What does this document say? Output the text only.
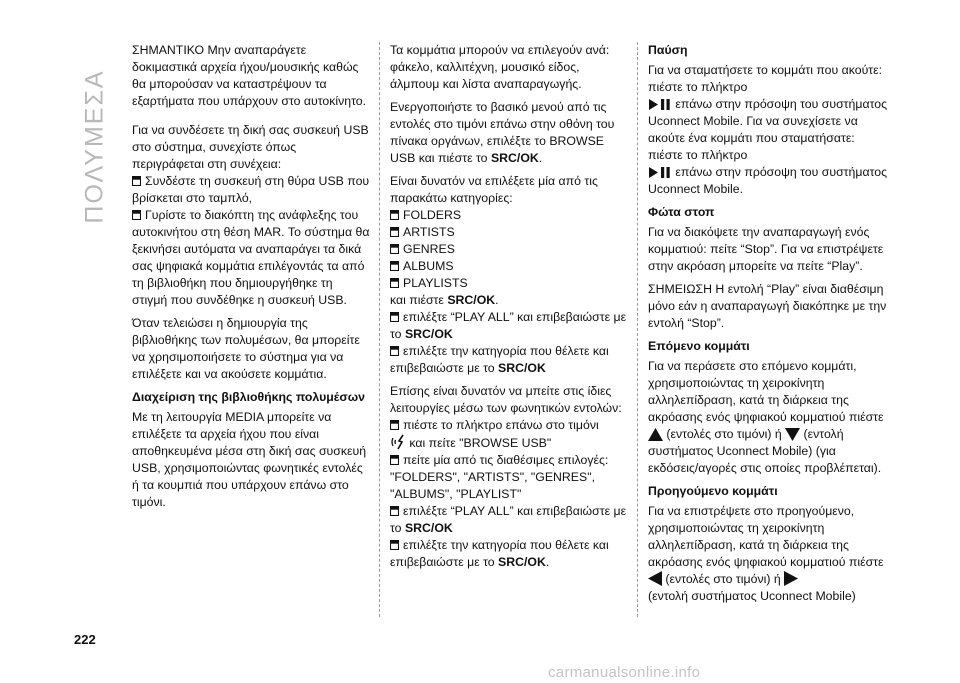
ΠΟΛΥΜΕΣΑ

ΣΗΜΑΝΤΙΚΟ Μην αναπαράγετε δοκιμαστικά αρχεία ήχου/μουσικής καθώς θα μπορούσαν να καταστρέψουν τα εξαρτήματα που υπάρχουν στο αυτοκίνητο.

Για να συνδέσετε τη δική σας συσκευή USB στο σύστημα, συνεχίστε όπως περιγράφεται στη συνέχεια:

Συνδέστε τη συσκευή στη θύρα USB που βρίσκεται στο ταμπλό,
Γυρίστε το διακόπτη της ανάφλεξης του αυτοκινήτου στη θέση MAR. Το σύστημα θα ξεκινήσει αυτόματα να αναπαράγει τα δικά σας ψηφιακά κομμάτια επιλέγοντάς τα από τη βιβλιοθήκη που δημιουργήθηκε τη στιγμή που συνδέθηκε η συσκευή USB.

Όταν τελειώσει η δημιουργία της βιβλιοθήκης των πολυμέσων, θα μπορείτε να χρησιμοποιήσετε το σύστημα για να επιλέξετε και να ακούσετε κομμάτια.

Διαχείριση της βιβλιοθήκης πολυμέσων

Με τη λειτουργία MEDIA μπορείτε να επιλέξετε τα αρχεία ήχου που είναι αποθηκευμένα μέσα στη δική σας συσκευή USB, χρησιμοποιώντας φωνητικές εντολές ή τα κουμπιά που υπάρχουν επάνω στο τιμόνι.

Τα κομμάτια μπορούν να επιλεγούν ανά: φάκελο, καλλιτέχνη, μουσικό είδος, άλμπουμ και λίστα αναπαραγωγής.

Ενεργοποιήστε το βασικό μενού από τις εντολές στο τιμόνι επάνω στην οθόνη του πίνακα οργάνων, επιλέξτε το BROWSE USB και πιέστε το SRC/OK.

Είναι δυνατόν να επιλέξετε μία από τις παρακάτω κατηγορίες:

FOLDERS
ARTISTS
GENRES
ALBUMS
PLAYLISTS
και πιέστε SRC/OK.
επιλέξτε “PLAY ALL” και επιβεβαιώστε με το SRC/OK
επιλέξτε την κατηγορία που θέλετε και επιβεβαιώστε με το SRC/OK

Επίσης είναι δυνατόν να μπείτε στις ίδιες λειτουργίες μέσω των φωνητικών εντολών:

πιέστε το πλήκτρο επάνω στο τιμόνι
και πείτε "BROWSE USB"
πείτε μία από τις διαθέσιμες επιλογές: "FOLDERS", "ARTISTS", "GENRES", "ALBUMS", "PLAYLIST"
επιλέξτε “PLAY ALL” και επιβεβαιώστε με το SRC/OK
επιλέξτε την κατηγορία που θέλετε και επιβεβαιώστε με το SRC/OK.
Παύση

Για να σταματήσετε το κομμάτι που ακούτε: πιέστε το πλήκτρο
επάνω στην πρόσοψη του συστήματος Uconnect Mobile. Για να συνεχίσετε να ακούτε ένα κομμάτι που σταματήσατε: πιέστε το πλήκτρο
επάνω στην πρόσοψη του συστήματος Uconnect Mobile.

Φώτα στοπ

Για να διακόψετε την αναπαραγωγή ενός κομματιού: πείτε “Stop”. Για να επιστρέψετε στην ακρόαση μπορείτε να πείτε “Play”.

ΣΗΜΕΙΩΣΗ Η εντολή “Play” είναι διαθέσιμη μόνο εάν η αναπαραγωγή διακόπηκε με την εντολή “Stop”.

Επόμενο κομμάτι

Για να περάσετε στο επόμενο κομμάτι, χρησιμοποιώντας τη χειροκίνητη αλληλεπίδραση, κατά τη διάρκεια της ακρόασης ενός ψηφιακού κομματιού πιέστε  (εντολές στο τιμόνι) ή (εντολή συστήματος Uconnect Mobile) (για εκδόσεις/αγορές στις οποίες προβλέπεται).

Προηγούμενο κομμάτι

Για να επιστρέψετε στο προηγούμενο, χρησιμοποιώντας τη χειροκίνητη αλληλεπίδραση, κατά τη διάρκεια της ακρόασης ενός ψηφιακού κομματιού πιέστε  (εντολές στο τιμόνι) ή
(εντολή συστήματος Uconnect Mobile)

222
carmanualsonline.info
